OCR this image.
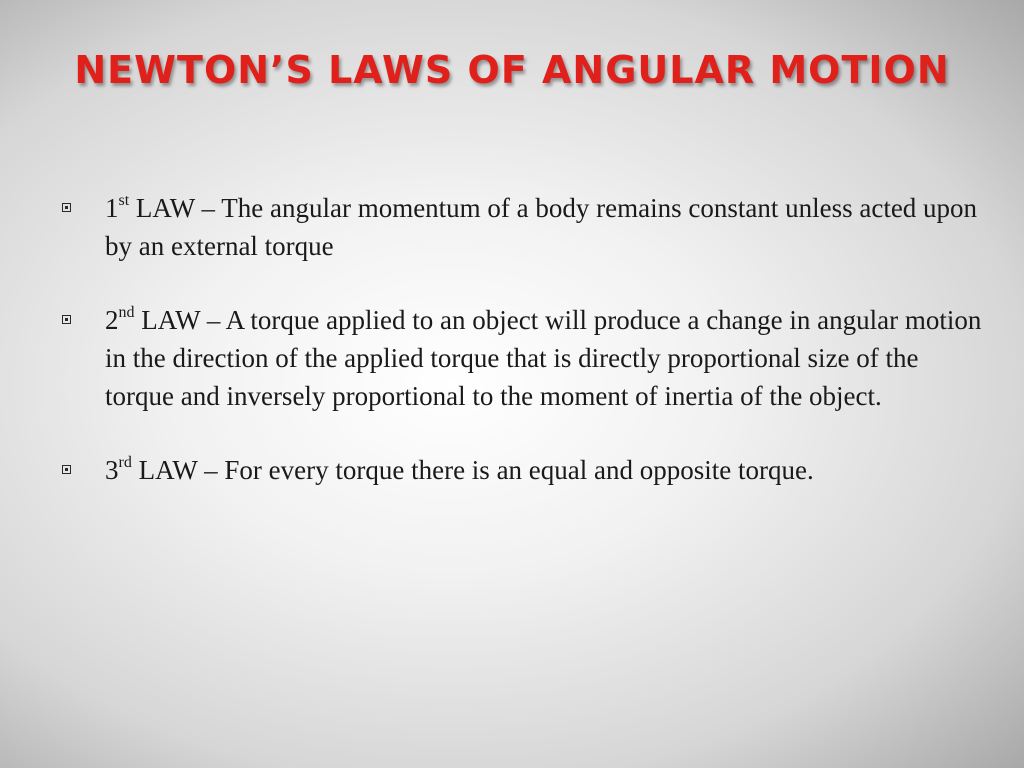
NEWTON’S LAWS OF ANGULAR MOTION
1st LAW – The angular momentum of a body remains constant unless acted upon by an external torque
2nd LAW – A torque applied to an object will produce a change in angular motion in the direction of the applied torque that is directly proportional size of the torque and inversely proportional to the moment of inertia of the object.
3rd LAW – For every torque there is an equal and opposite torque.
